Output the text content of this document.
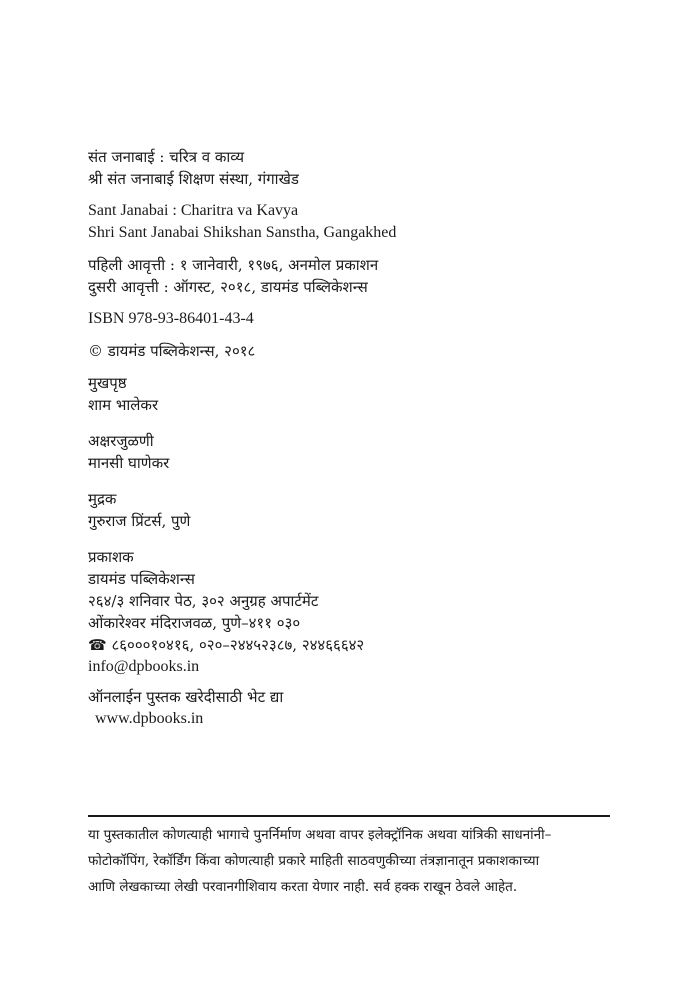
संत जनाबाई : चरित्र व काव्य
श्री संत जनाबाई शिक्षण संस्था, गंगाखेड
Sant Janabai : Charitra va Kavya
Shri Sant Janabai Shikshan Sanstha, Gangakhed
पहिली आवृत्ती : १ जानेवारी, १९७६, अनमोल प्रकाशन
दुसरी आवृत्ती : ऑगस्ट, २०१८, डायमंड पब्लिकेशन्स
ISBN 978-93-86401-43-4
© डायमंड पब्लिकेशन्स, २०१८
मुखपृष्ठ
शाम भालेकर
अक्षरजुळणी
मानसी घाणेकर
मुद्रक
गुरुराज प्रिंटर्स, पुणे
प्रकाशक
डायमंड पब्लिकेशन्स
२६४/३ शनिवार पेठ, ३०२ अनुग्रह अपार्टमेंट
ओंकारेश्वर मंदिराजवळ, पुणे–४११ ०३०
☎ ८६०००१०४१६, ०२०–२४४५२३८७, २४४६६६४२
info@dpbooks.in
ऑनलाईन पुस्तक खरेदीसाठी भेट द्या
www.dpbooks.in
या पुस्तकातील कोणत्याही भागाचे पुनर्निर्माण अथवा वापर इलेक्ट्रॉनिक अथवा यांत्रिकी साधनांनी–
फोटोकॉपिंग, रेकॉर्डिंग किंवा कोणत्याही प्रकारे माहिती साठवणुकीच्या तंत्रज्ञानातून प्रकाशकाच्या
आणि लेखकाच्या लेखी परवानगीशिवाय करता येणार नाही. सर्व हक्क राखून ठेवले आहेत.
